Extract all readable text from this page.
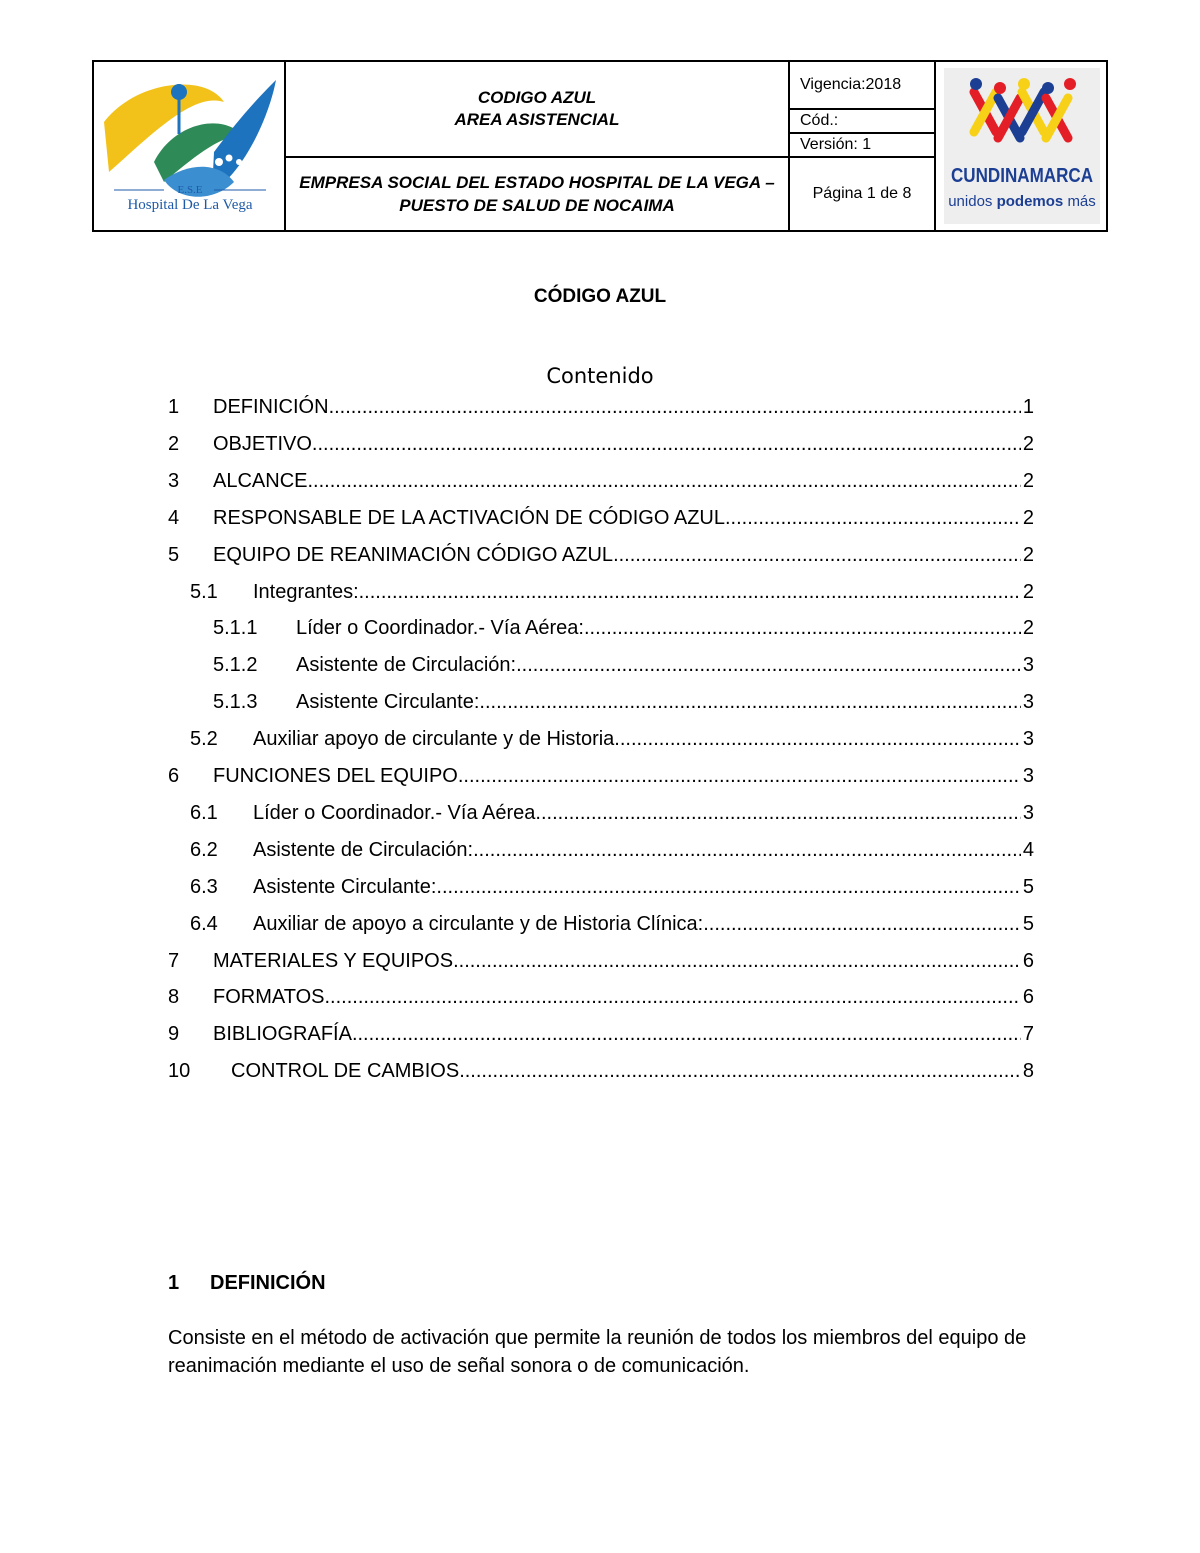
E.S.E
Hospital De La Vega
CODIGO AZUL
AREA ASISTENCIAL
EMPRESA SOCIAL DEL ESTADO HOSPITAL DE LA VEGA – PUESTO DE SALUD DE NOCAIMA
Vigencia:2018
Cód.:
Versión: 1
Página 1 de 8
CUNDINAMARCA
unidos podemos más
CÓDIGO AZUL
Contenido
1	DEFINICIÓN .....	1
2	OBJETIVO .....	2
3	ALCANCE .....	2
4	RESPONSABLE DE LA ACTIVACIÓN DE CÓDIGO AZUL .....	2
5	EQUIPO DE REANIMACIÓN CÓDIGO AZUL .....	2
5.1	Integrantes: .....	2
5.1.1	Líder o Coordinador.- Vía Aérea: .....	2
5.1.2	Asistente de Circulación: .....	3
5.1.3	Asistente Circulante: .....	3
5.2	Auxiliar apoyo de circulante y de Historia .....	3
6	FUNCIONES DEL EQUIPO .....	3
6.1	Líder o Coordinador.- Vía Aérea .....	3
6.2	Asistente de Circulación: .....	4
6.3	Asistente Circulante: .....	5
6.4	Auxiliar de apoyo a circulante y de Historia Clínica: .....	5
7	MATERIALES Y EQUIPOS .....	6
8	FORMATOS .....	6
9	BIBLIOGRAFÍA .....	7
10	CONTROL DE CAMBIOS .....	8
1 DEFINICIÓN
Consiste en el método de activación que permite la reunión de todos los miembros del equipo de reanimación mediante el uso de señal sonora o de comunicación.
